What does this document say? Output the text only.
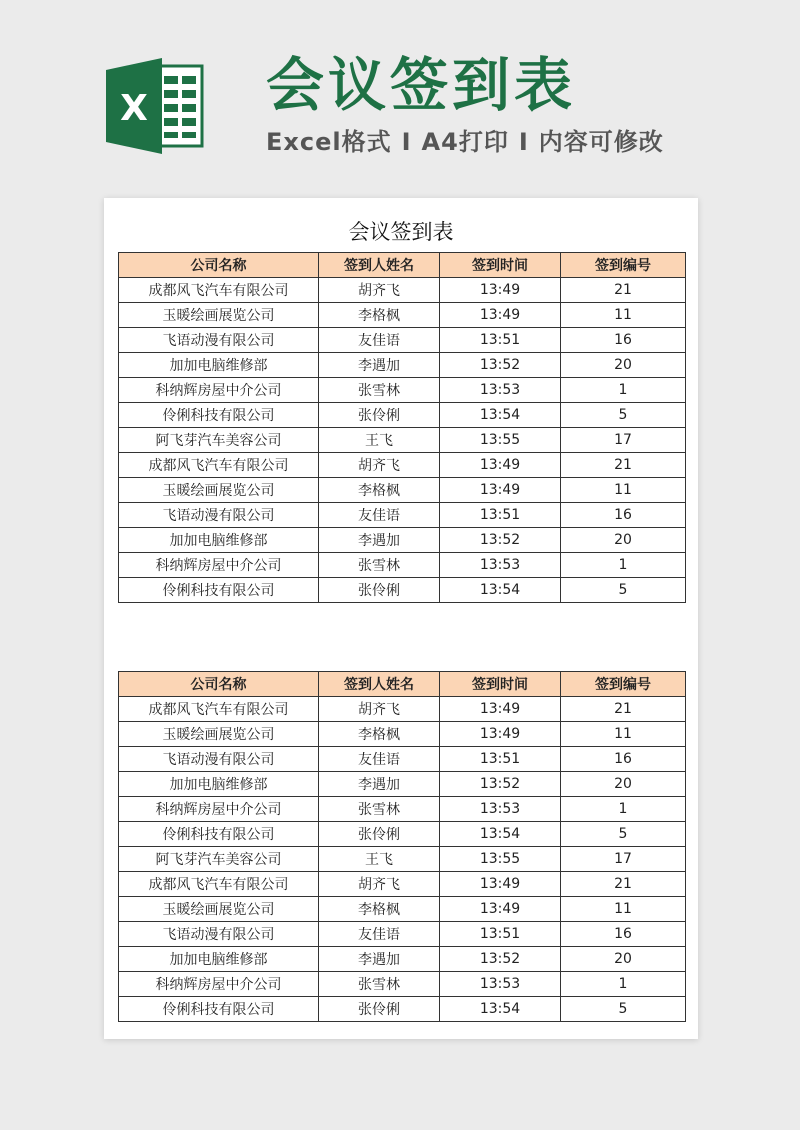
X 会议签到表

Excel格式 I A4打印 I 内容可修改

会议签到表
公司名称	签到人姓名	签到时间	签到编号
成都风飞汽车有限公司	胡齐飞	13:49	21
玉暖绘画展览公司	李格枫	13:49	11
飞语动漫有限公司	友佳语	13:51	16
加加电脑维修部	李遇加	13:52	20
科纳辉房屋中介公司	张雪林	13:53	1
伶俐科技有限公司	张伶俐	13:54	5
阿飞芽汽车美容公司	王飞	13:55	17
成都风飞汽车有限公司	胡齐飞	13:49	21
玉暖绘画展览公司	李格枫	13:49	11
飞语动漫有限公司	友佳语	13:51	16
加加电脑维修部	李遇加	13:52	20
科纳辉房屋中介公司	张雪林	13:53	1
伶俐科技有限公司	张伶俐	13:54	5
公司名称	签到人姓名	签到时间	签到编号
成都风飞汽车有限公司	胡齐飞	13:49	21
玉暖绘画展览公司	李格枫	13:49	11
飞语动漫有限公司	友佳语	13:51	16
加加电脑维修部	李遇加	13:52	20
科纳辉房屋中介公司	张雪林	13:53	1
伶俐科技有限公司	张伶俐	13:54	5
阿飞芽汽车美容公司	王飞	13:55	17
成都风飞汽车有限公司	胡齐飞	13:49	21
玉暖绘画展览公司	李格枫	13:49	11
飞语动漫有限公司	友佳语	13:51	16
加加电脑维修部	李遇加	13:52	20
科纳辉房屋中介公司	张雪林	13:53	1
伶俐科技有限公司	张伶俐	13:54	5
